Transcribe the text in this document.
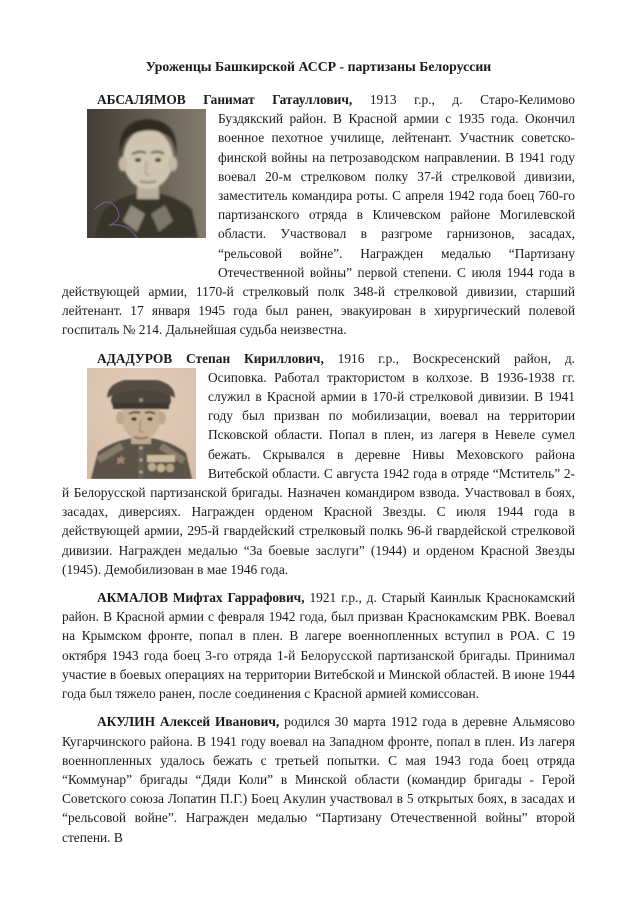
Уроженцы Башкирской АССР - партизаны Белоруссии
АБСАЛЯМОВ Ганимат Гатауллович, 1913 г.р., д. Старо-Келимово
Буздякский район. В Красной армии с 1935 года. Окончил военное пехотное училище, лейтенант. Участник советско-финской войны на петрозаводском направлении. В 1941 году воевал 20-м стрелковом полку 37-й стрелковой дивизии, заместитель командира роты. С апреля 1942 года боец 760-го партизанского отряда в Кличевском районе Могилевской области. Участвовал в разгроме гарнизонов, засадах, “рельсовой войне”. Награжден медалью “Партизану Отечественной войны” первой степени. С июля 1944 года в действующей армии, 1170-й стрелковый полк 348-й стрелковой дивизии, старший лейтенант. 17 января 1945 года был ранен, эвакуирован в хирургический полевой госпиталь № 214. Дальнейшая судьба неизвестна.
АДАДУРОВ Степан Кириллович, 1916 г.р., Воскресенский район, д.
Осиповка. Работал трактористом в колхозе. В 1936-1938 гг. служил в Красной армии в 170-й стрелковой дивизии. В 1941 году был призван по мобилизации, воевал на территории Псковской области. Попал в плен, из лагеря в Невеле сумел бежать. Скрывался в деревне Нивы Меховского района Витебской области. С августа 1942 года в отряде “Мститель” 2-й Белорусской партизанской бригады. Назначен командиром взвода. Участвовал в боях, засадах, диверсиях. Награжден орденом Красной Звезды. С июля 1944 года в действующей армии, 295-й гвардейский стрелковый полкь 96-й гвардейской стрелковой дивизии. Награжден медалью “За боевые заслуги” (1944) и орденом Красной Звезды (1945). Демобилизован в мае 1946 года.

АКМАЛОВ Мифтах Гаррафович, 1921 г.р., д. Старый Каинлык Краснокамский район. В Красной армии с февраля 1942 года, был призван Краснокамским РВК. Воевал на Крымском фронте, попал в плен. В лагере военнопленных вступил в РОА. С 19 октября 1943 года боец 3-го отряда 1-й Белорусской партизанской бригады. Принимал участие в боевых операциях на территории Витебской и Минской областей. В июне 1944 года был тяжело ранен, после соединения с Красной армией комиссован.

АКУЛИН Алексей Иванович, родился 30 марта 1912 года в деревне Альмясово Кугарчинского района. В 1941 году воевал на Западном фронте, попал в плен. Из лагеря военнопленных удалось бежать с третьей попытки. С мая 1943 года боец отряда “Коммунар” бригады “Дяди Коли” в Минской области (командир бригады - Герой Советского союза Лопатин П.Г.) Боец Акулин участвовал в 5 открытых боях, в засадах и “рельсовой войне”. Награжден медалью “Партизану Отечественной войны” второй степени. В
